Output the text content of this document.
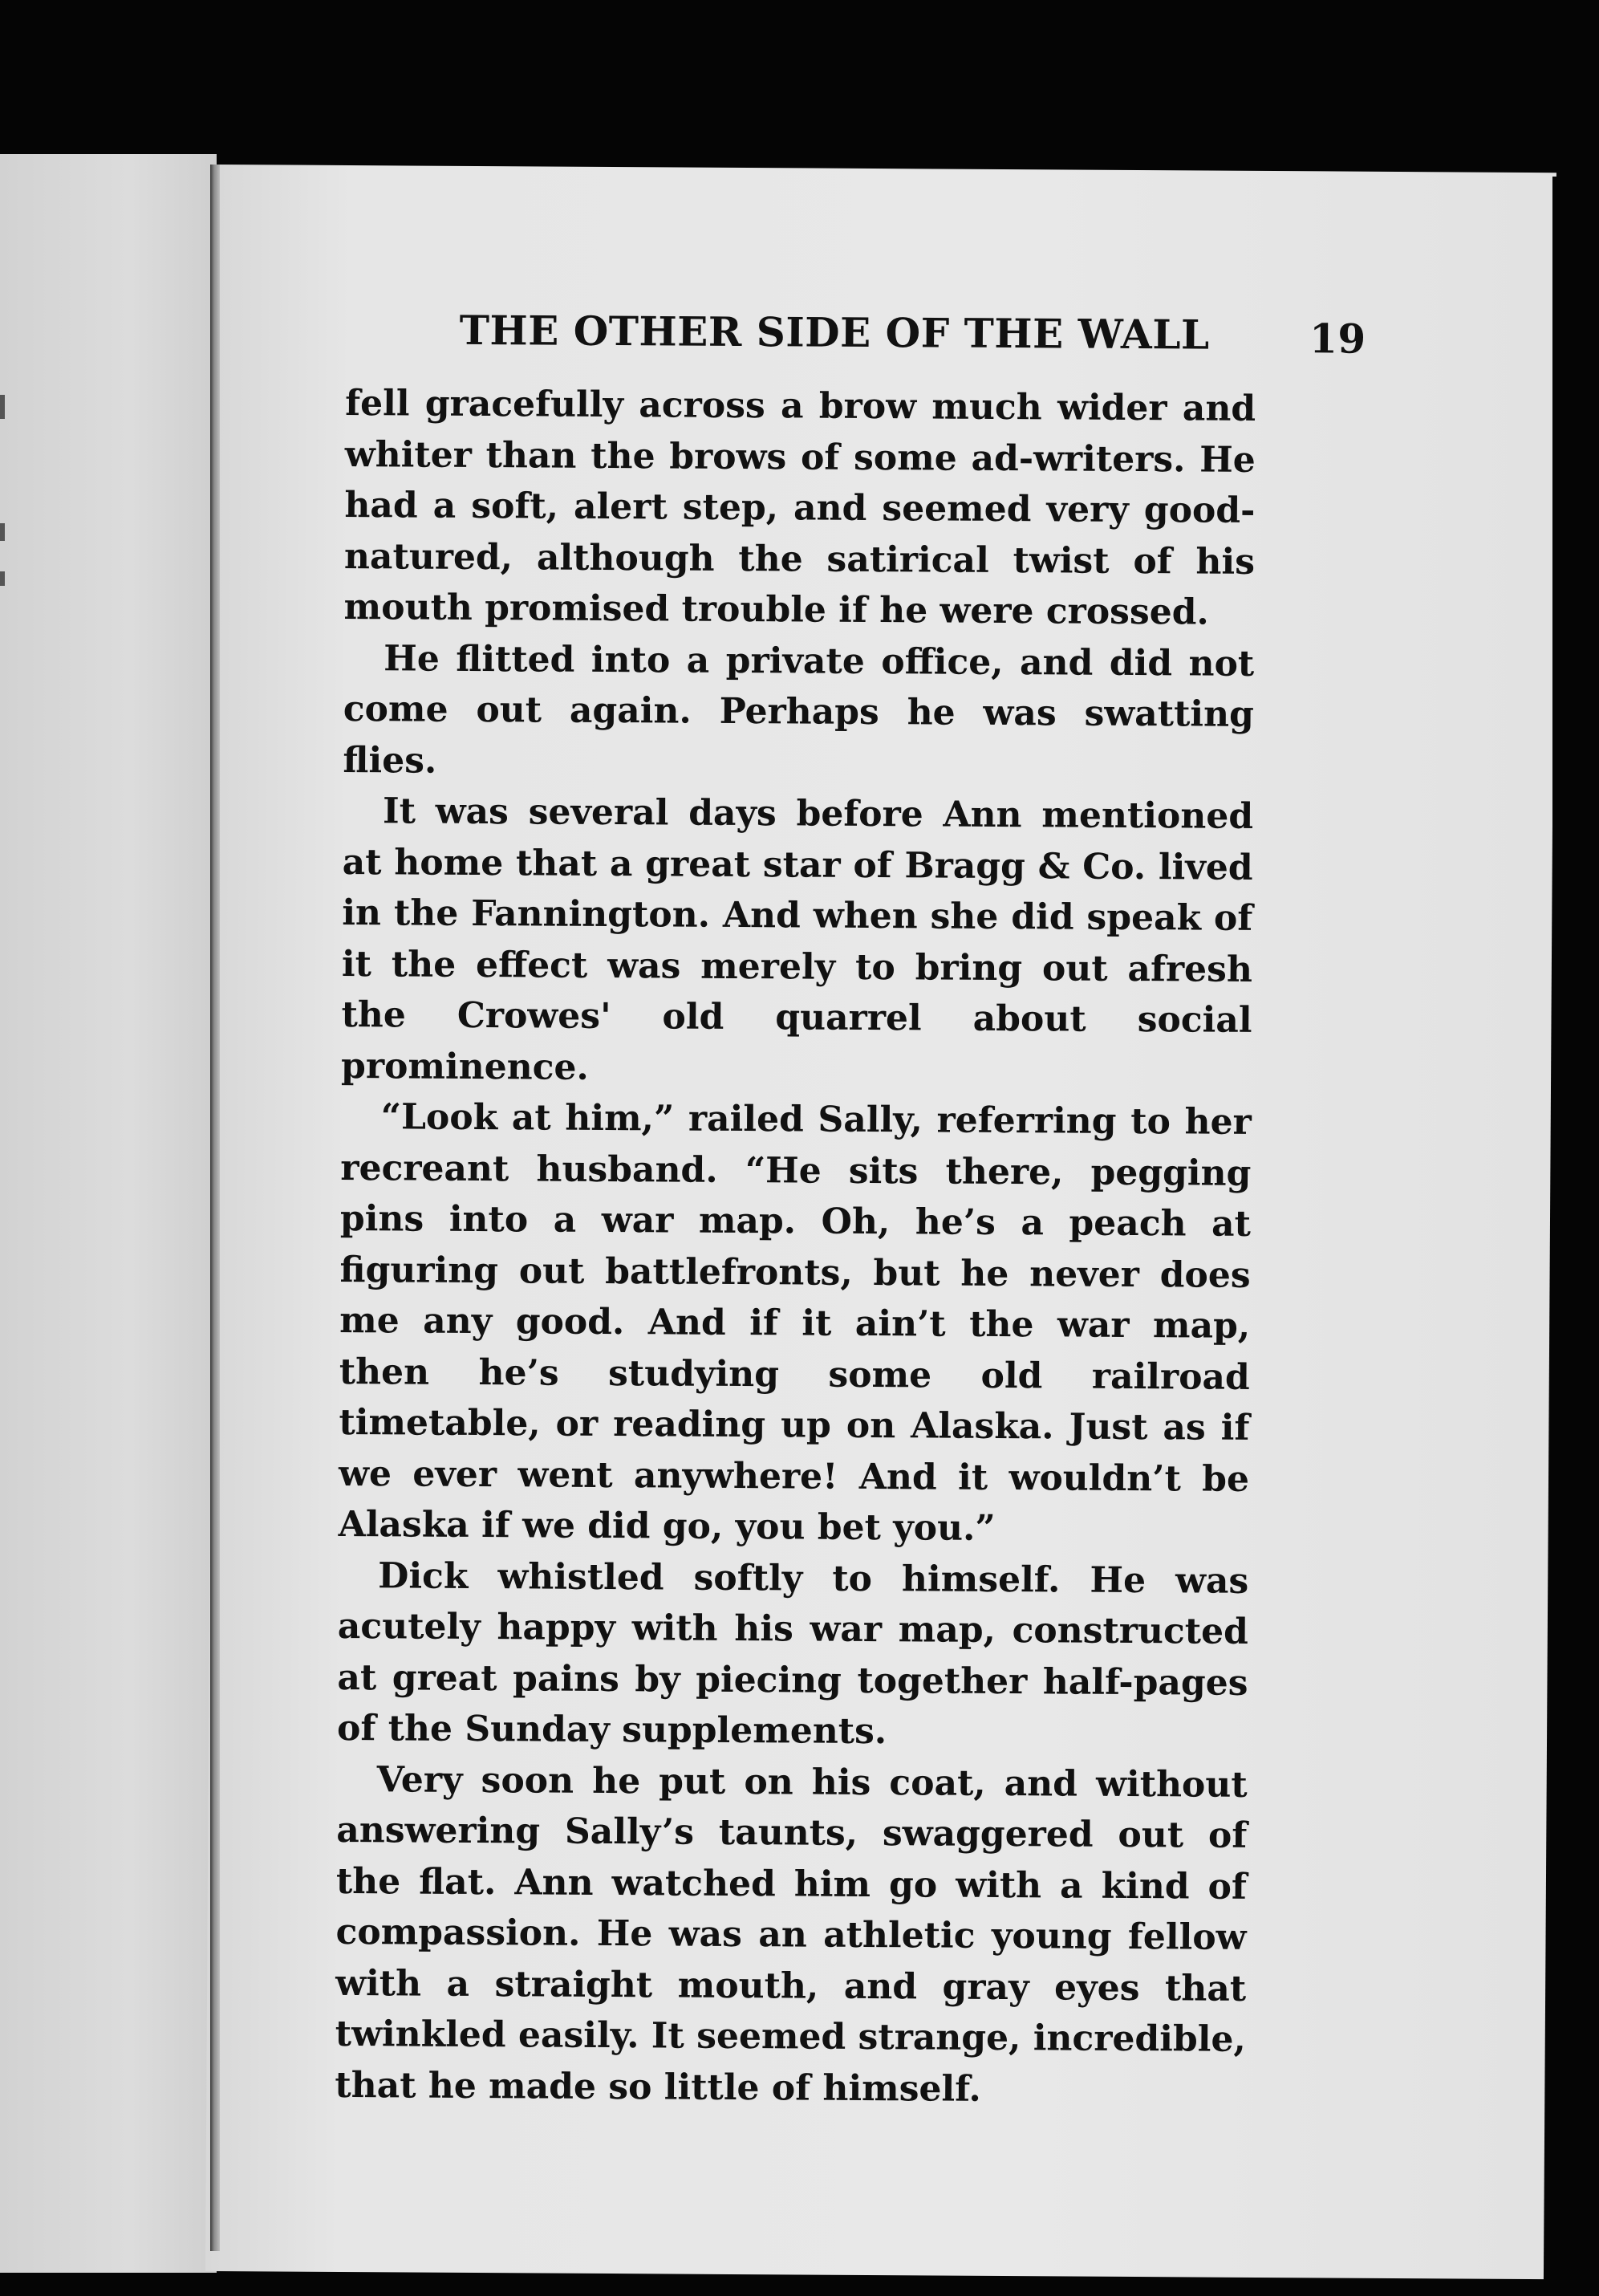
THE OTHER SIDE OF THE WALL 19

fell gracefully across a brow much wider and whiter than the brows of some ad-writers. He had a soft, alert step, and seemed very good-natured, although the satirical twist of his mouth promised trouble if he were crossed.

He flitted into a private office, and did not come out again. Perhaps he was swatting flies.

It was several days before Ann mentioned at home that a great star of Bragg & Co. lived in the Fannington. And when she did speak of it the effect was merely to bring out afresh the Crowes' old quarrel about social prominence.

“Look at him,” railed Sally, referring to her recreant husband. “He sits there, pegging pins into a war map. Oh, he’s a peach at figuring out battlefronts, but he never does me any good. And if it ain’t the war map, then he’s studying some old railroad timetable, or reading up on Alaska. Just as if we ever went anywhere! And it wouldn’t be Alaska if we did go, you bet you.”

Dick whistled softly to himself. He was acutely happy with his war map, constructed at great pains by piecing together half-pages of the Sunday supplements.

Very soon he put on his coat, and without answering Sally’s taunts, swaggered out of the flat. Ann watched him go with a kind of compassion. He was an athletic young fellow with a straight mouth, and gray eyes that twinkled easily. It seemed strange, incredible, that he made so little of himself.
